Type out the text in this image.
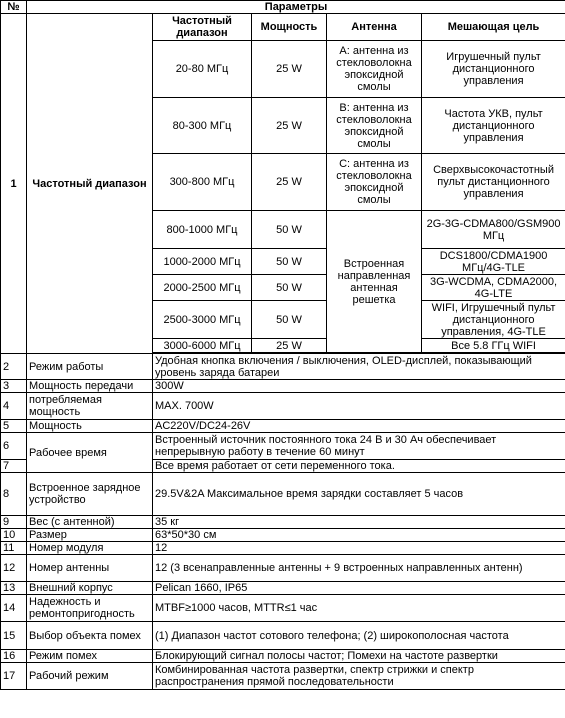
№	Параметры				
1	Частотный диапазон	Частотный диапазон	Мощность	Антенна	Мешающая цель
		20-80 МГц	25 W	A: антенна из стекловолокна эпоксидной смолы	Игрушечный пульт дистанционного управления
		80-300 МГц	25 W	B: антенна из стекловолокна эпоксидной смолы	Частота УКВ, пульт дистанционного управления
		300-800 МГц	25 W	C: антенна из стекловолокна эпоксидной смолы	Сверхвысокочастотный пульт дистанционного управления
		800-1000 МГц	50 W	Встроенная направленная антенная решетка	2G-3G-CDMA800/GSM900 МГц
		1000-2000 МГц	50 W		DCS1800/CDMA1900 МГц/4G-TLE
		2000-2500 МГц	50 W		3G-WCDMA, CDMA2000, 4G-LTE
		2500-3000 МГц	50 W		WIFI, Игрушечный пульт дистанционного управления, 4G-TLE
		3000-6000 МГц	25 W		Все 5.8 ГГц WIFI

2	Режим работы	Удобная кнопка включения / выключения, OLED-дисплей, показывающий уровень заряда батареи			
3	Мощность передачи	300W			
4	потребляемая мощность	MAX. 700W			
5	Мощность	AC220V/DC24-26V			
6	Рабочее время	Встроенный источник постоянного тока 24 В и 30 Ач обеспечивает непрерывную работу в течение 60 минут			
7		Все время работает от сети переменного тока.			
8	Встроенное зарядное устройство	29.5V&2A Максимальное время зарядки составляет 5 часов			
9	Вес (с антенной)	35 кг			
10	Размер	63*50*30 см			
11	Номер модуля	12			
12	Номер антенны	12 (3 всенаправленные антенны + 9 встроенных направленных антенн)			
13	Внешний корпус	Pelican 1660, IP65			
14	Надежность и ремонтопригодность	MTBF≥1000 часов, MTTR≤1 час			
15	Выбор объекта помех	(1) Диапазон частот сотового телефона; (2) широкополосная частота			
16	Режим помех	Блокирующий сигнал полосы частот; Помехи на частоте развертки			
17	Рабочий режим	Комбинированная частота развертки, спектр стрижки и спектр распространения прямой последовательности			
